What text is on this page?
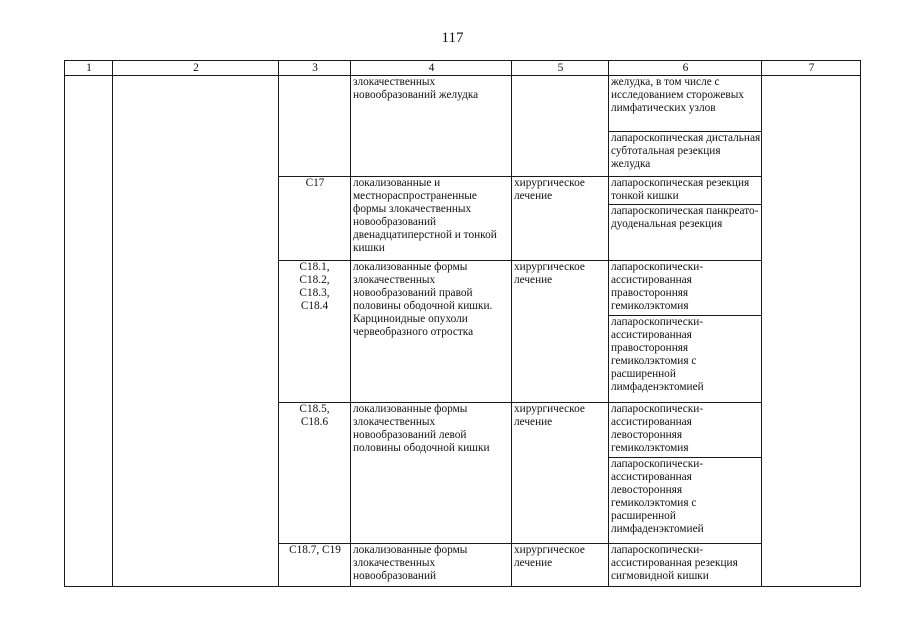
117
1	2	3	4	5	6	7
			злокачественных новообразований желудка		желудка, в том числе с исследованием сторожевых лимфатических узлов
лапароскопическая дистальная субтотальная резекция желудка	

		C17	локализованные и местнораспространенные формы злокачественных новообразований двенадцатиперстной и тонкой кишки	хирургическое лечение	лапароскопическая резекция тонкой кишки
лапароскопическая панкреато-дуоденальная резекция	

		C18.1, C18.2, C18.3, C18.4	локализованные формы злокачественных новообразований правой половины ободочной кишки. Карциноидные опухоли червеобразного отростка	хирургическое лечение	лапароскопически-ассистированная правосторонняя гемиколэктомия
лапароскопически-ассистированная правосторонняя гемиколэктомия с расширенной лимфаденэктомией	

		C18.5, C18.6	локализованные формы злокачественных новообразований левой половины ободочной кишки	хирургическое лечение	лапароскопически-ассистированная левосторонняя гемиколэктомия
лапароскопически-ассистированная левосторонняя гемиколэктомия с расширенной лимфаденэктомией	

		C18.7, C19	локализованные формы злокачественных новообразований	хирургическое лечение	лапароскопически-ассистированная резекция сигмовидной кишки	
